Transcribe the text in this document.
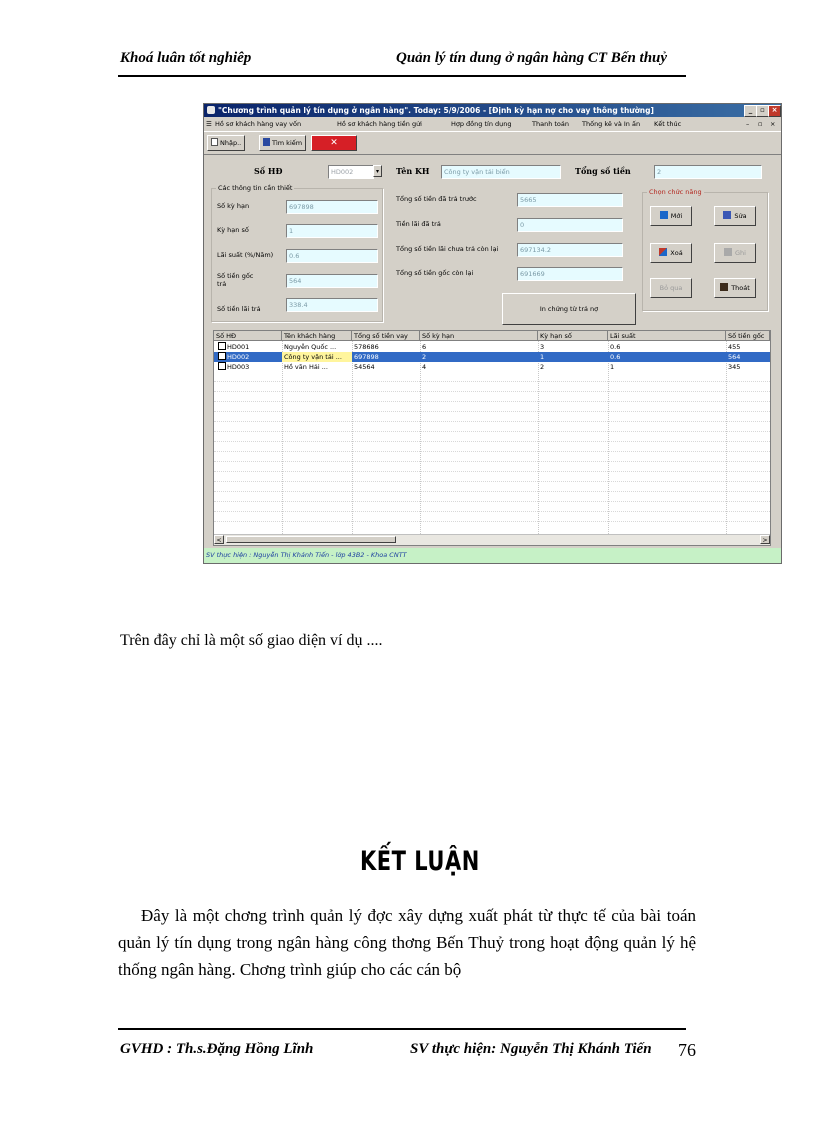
Khoá luân tốt nghiêp	Quản lý tín dung ở ngân hàng CT Bến thuỷ
"Chương trình quản lý tín dụng ở ngân hàng". Today: 5/9/2006 - [Định kỳ hạn nợ cho vay thông thường]	_	▫ ×
☰ Hồ sơ khách hàng vay vốn	Hồ sơ khách hàng tiền gửi	Hợp đồng tín dụng	Thanh toán Thống kê và In ấn Kết thúc	– ▫ ×
Nhập..	Tìm kiếm	✕
Số HĐ	HD002	▾	Tên KH	Công ty vận tải biển	Tổng số tiền	2
Các thông tin cần thiết
Số kỳ hạn	697898
Kỳ hạn số	1
Lãi suất (%/Năm)	0.6
Số tiền gốc trả	564
Số tiền lãi trả	338.4
Tổng số tiền đã trả trước	5665
Tiền lãi đã trả	0
Tổng số tiền lãi chưa trả còn lại	697134.2
Tổng số tiền gốc còn lại	691669
In chứng từ trả nợ
Chọn chức năng
Mới	Sửa
Xoá	Ghi
Bỏ qua	Thoát
Số HĐ	Tên khách hàng	Tổng số tiền vay	Số kỳ hạn	Kỳ hạn số	Lãi suất	Số tiền gốc
HD001	Nguyễn Quốc ...	578686	6	3	0.6	455
HD002	Công ty vận tải ...	697898	2	1	0.6	564
HD003	Hồ văn Hải ...	54564	4	2	1	345
<	>
SV thực hiện : Nguyễn Thị Khánh Tiến - lớp 43B2 - Khoa CNTT
Trên đây chỉ là một số giao diện ví dụ ....
KẾT LUẬN
Đây là một chơng trình quản lý đợc xây dựng xuất phát từ thực tế của bài toán quản lý tín dụng trong ngân hàng công thơng Bến Thuỷ trong hoạt động quản lý hệ thống ngân hàng. Chơng trình giúp cho các cán bộ
GVHD : Th.s.Đặng Hồng Lĩnh	SV thực hiện: Nguyễn Thị Khánh Tiến 76
